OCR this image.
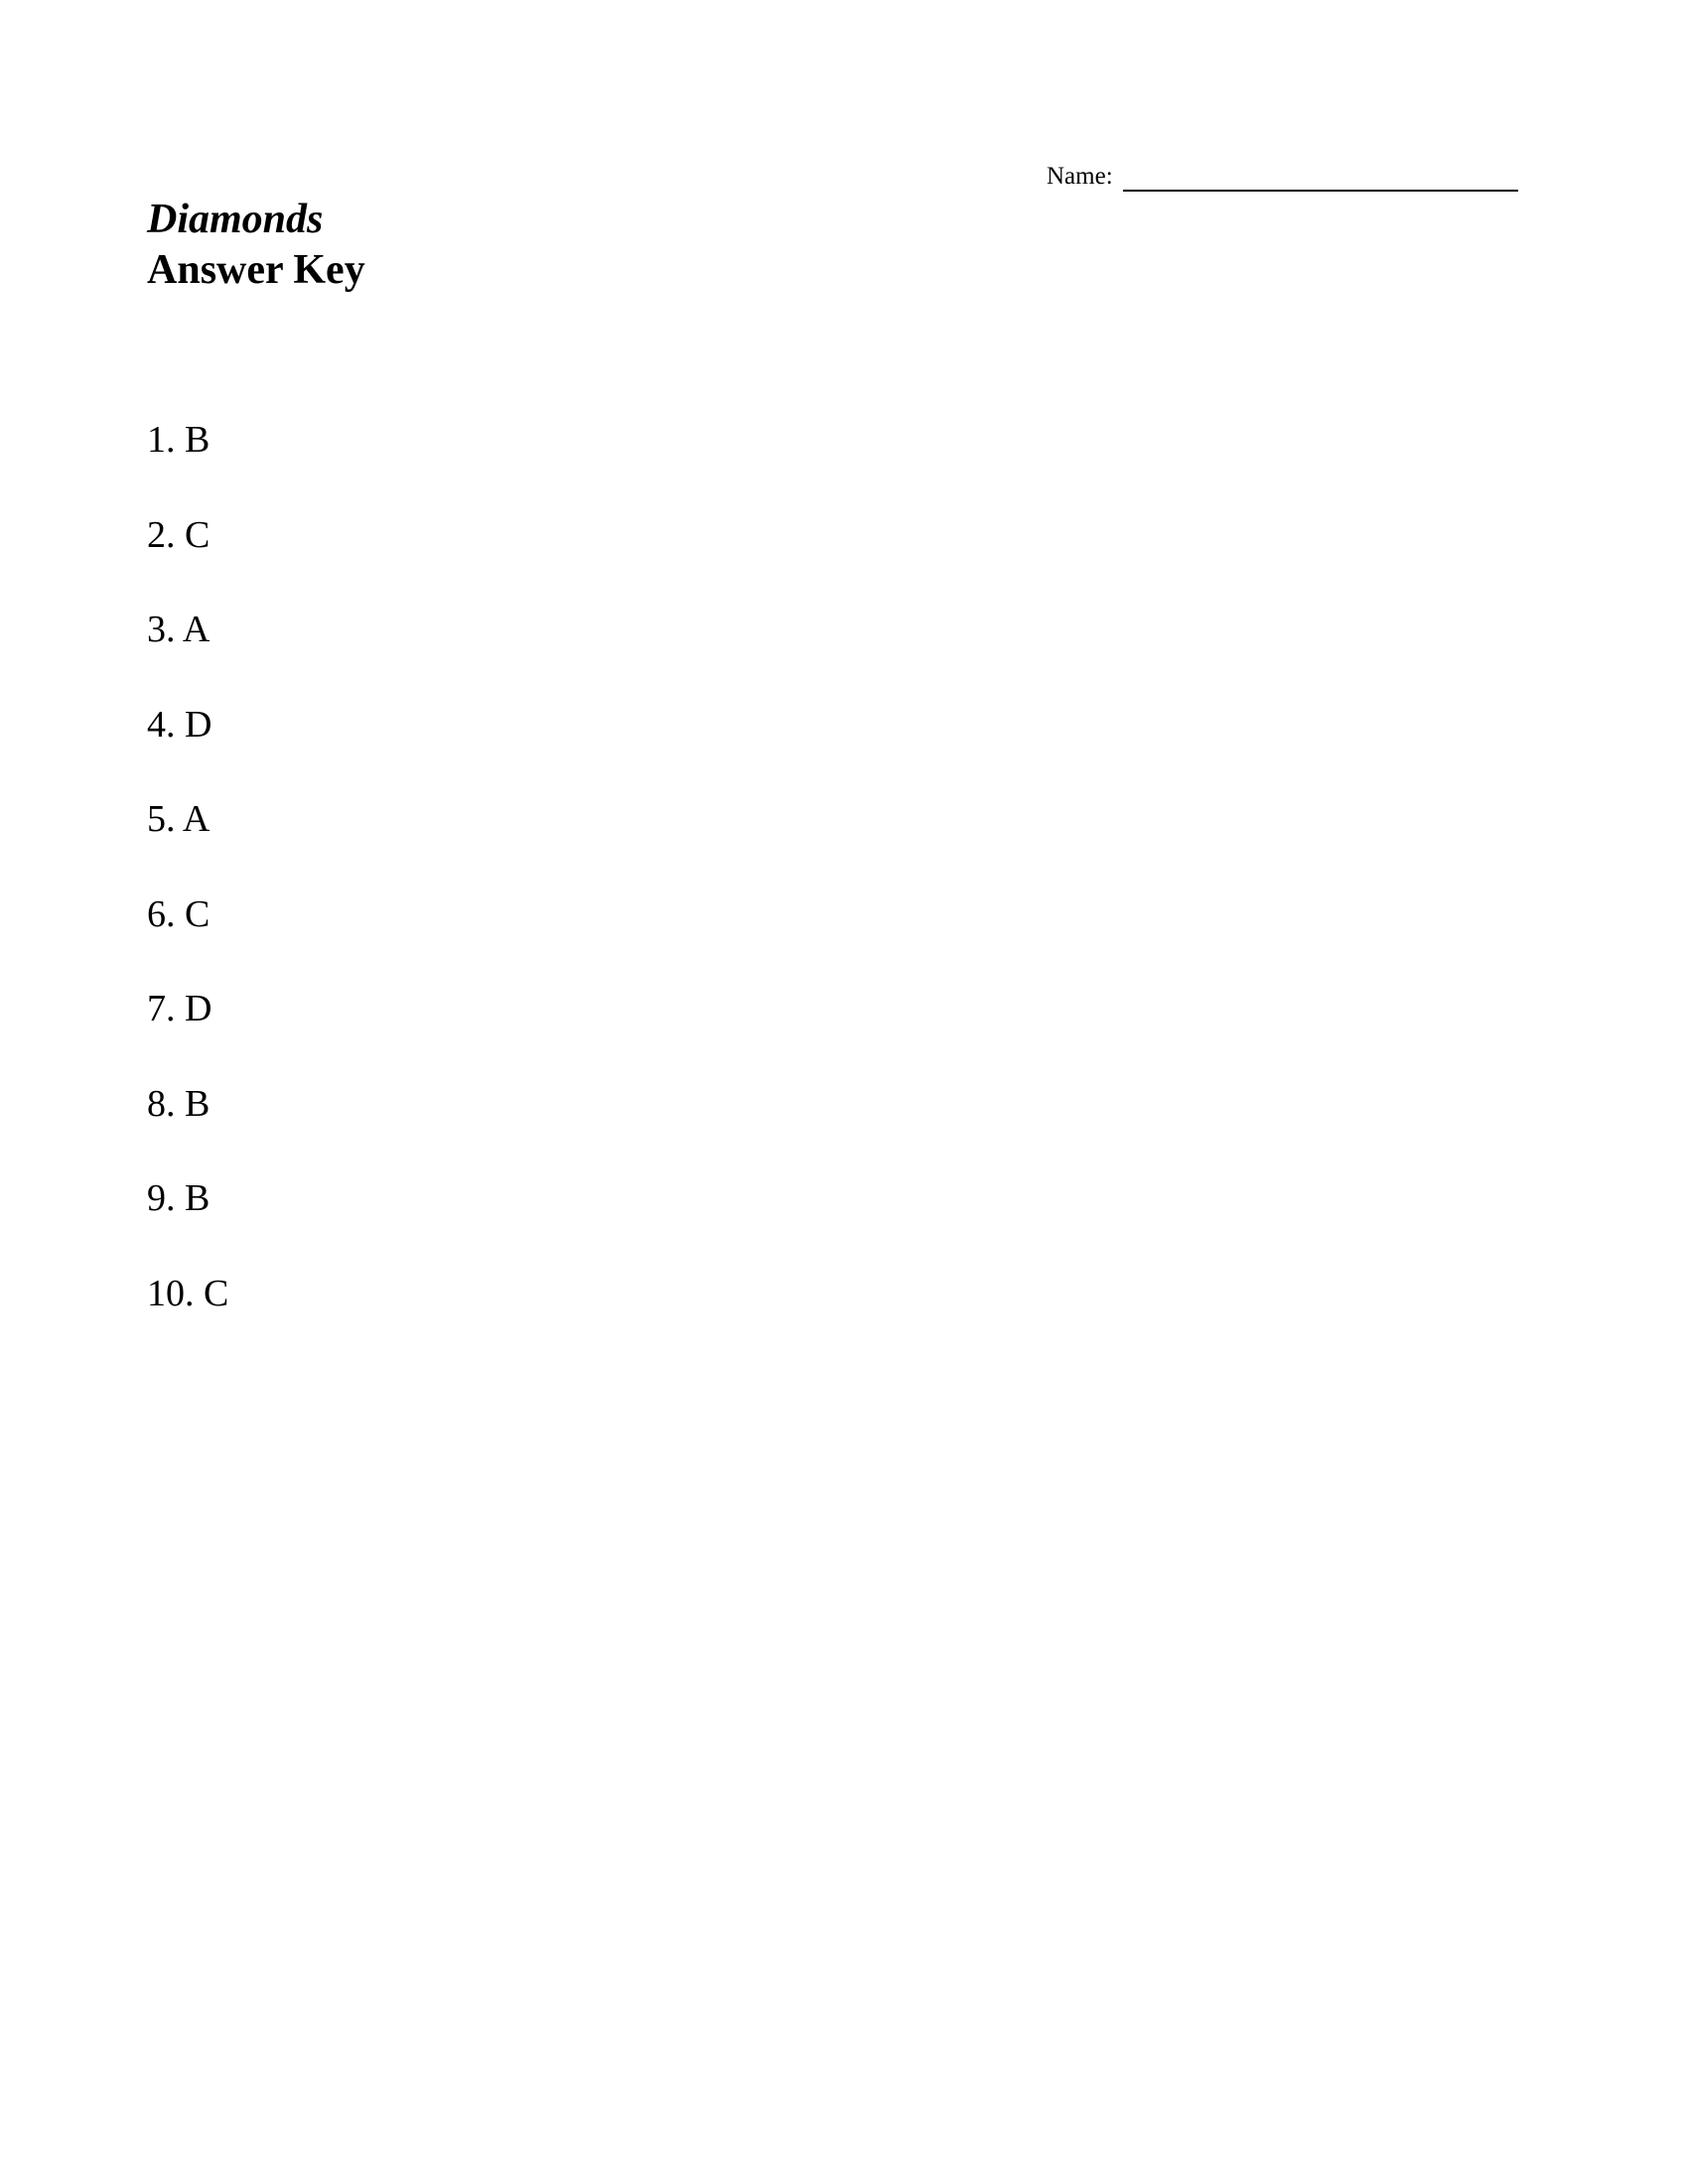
Name:
Diamonds
Answer Key
1. B
2. C
3. A
4. D
5. A
6. C
7. D
8. B
9. B
10. C
